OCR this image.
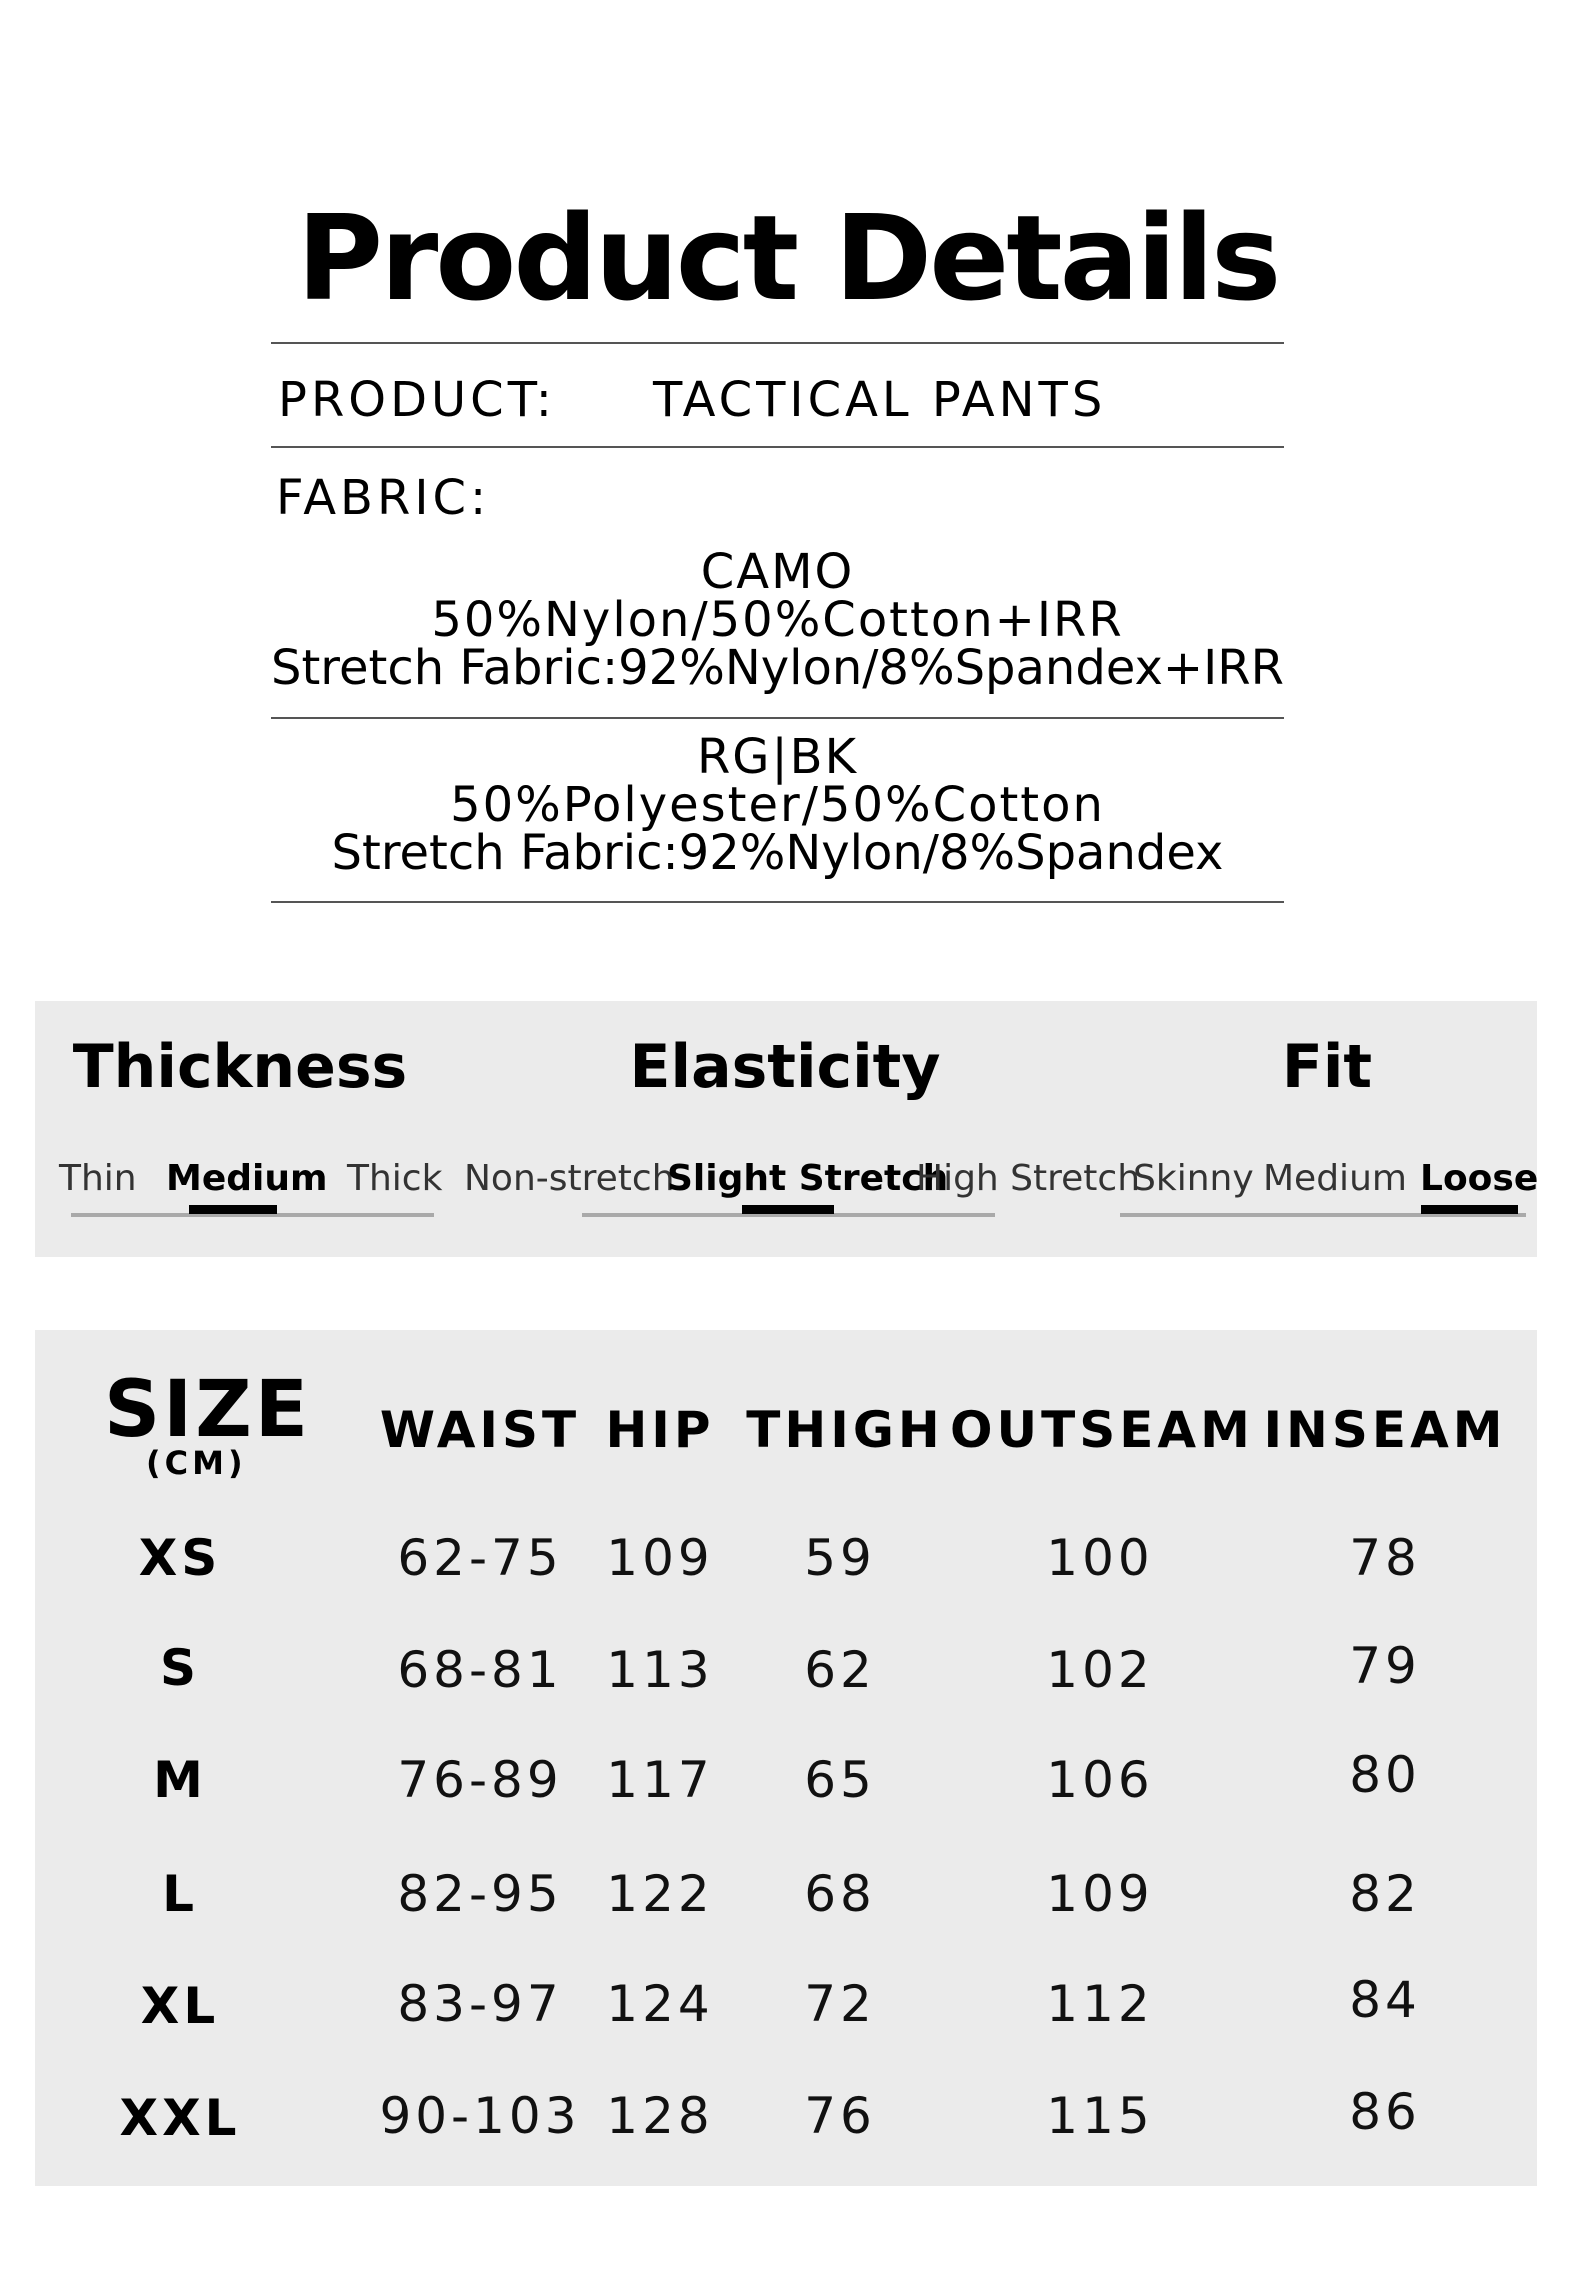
Product Details
PRODUCT: TACTICAL PANTS
FABRIC:
CAMO
50%Nylon/50%Cotton+IRR
Stretch Fabric:92%Nylon/8%Spandex+IRR
RG|BK
50%Polyester/50%Cotton
Stretch Fabric:92%Nylon/8%Spandex
Thickness
Thin Medium Thick
Elasticity
Non-stretch
Slight Stretch
High Stretch
Fit
Skinny Medium Loose
SIZE
(CM)
WAIST HIP THIGH OUTSEAM INSEAM
XS	62-75 109	59	100	78
S	68-81 113	62	102	79
M	76-89 117	65	106	80
L	82-95 122	68	109	82
XL	83-97 124	72	112	84
XXL	90-103 128	76	115	86
